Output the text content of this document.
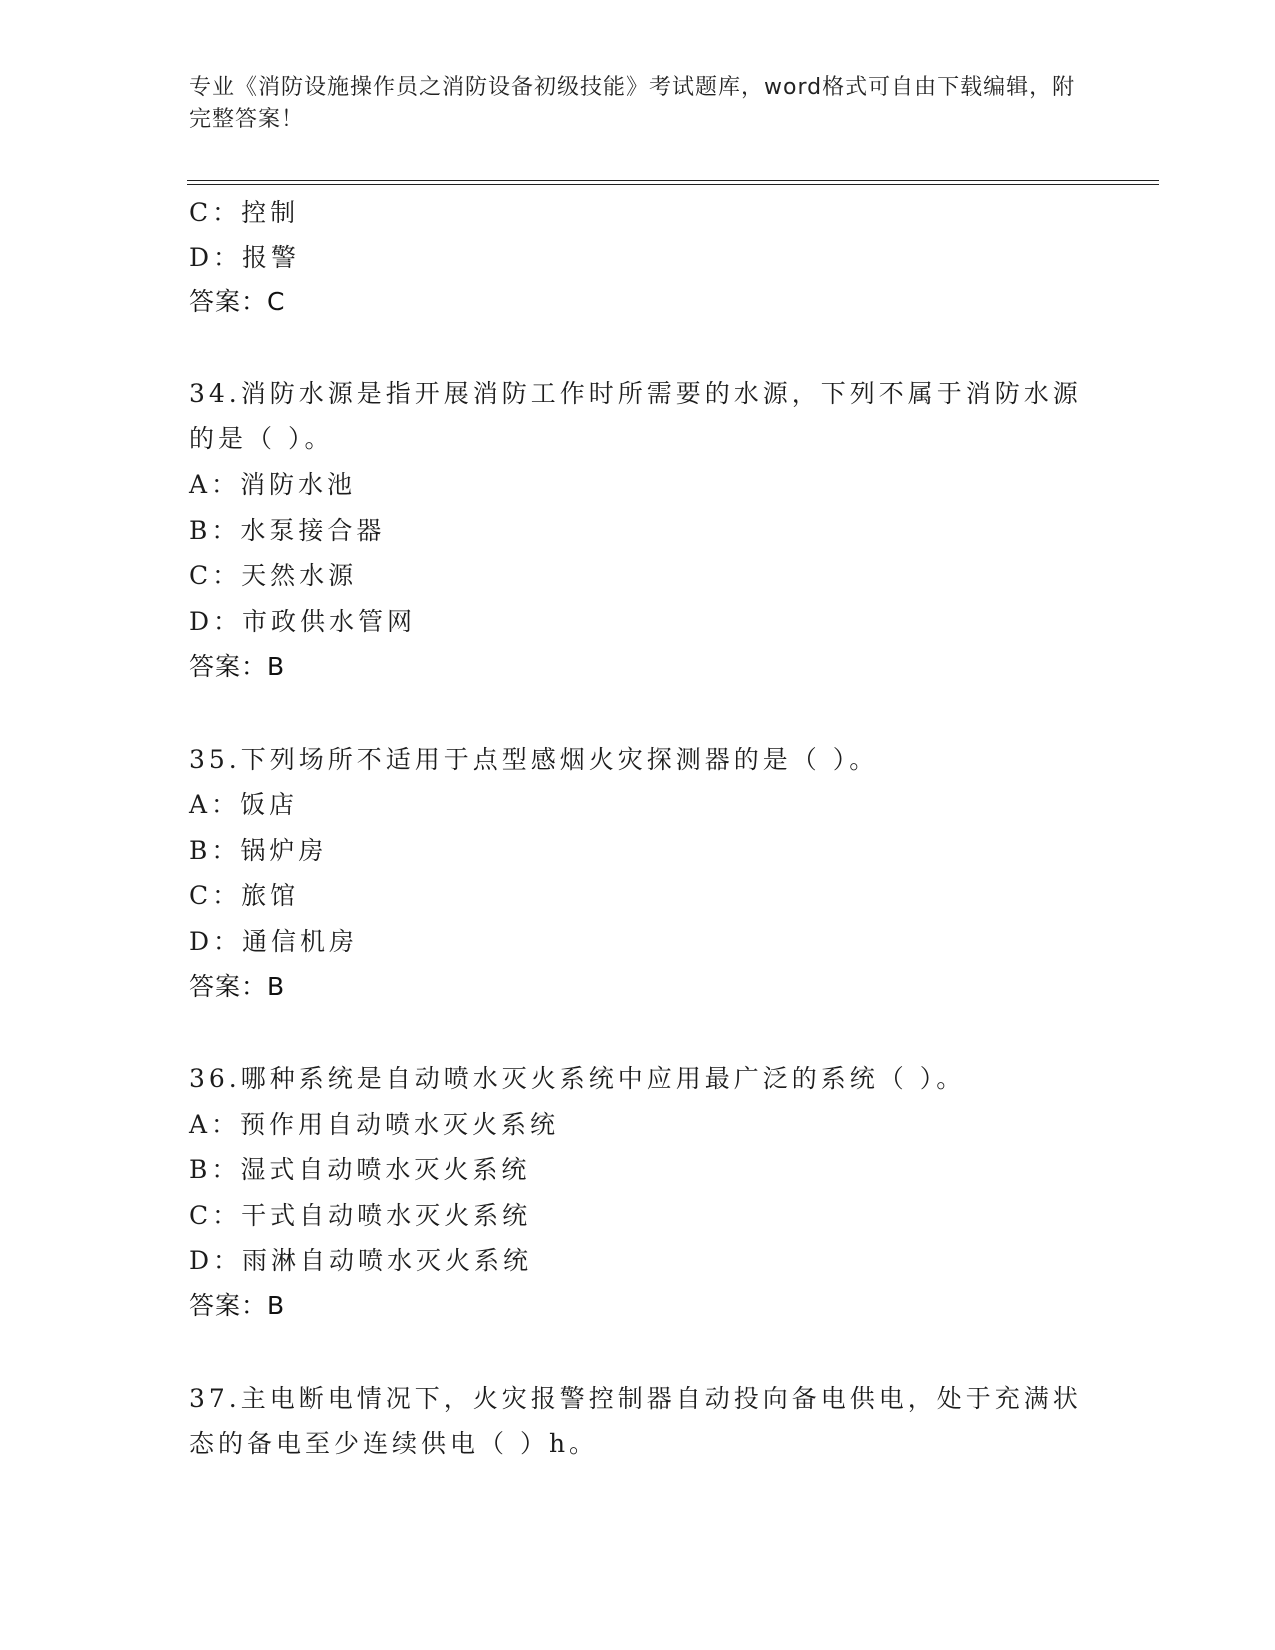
专业《消防设施操作员之消防设备初级技能》考试题库，word格式可自由下载编辑，附完整答案！
C：控制
D：报警
答案：C
34.消防水源是指开展消防工作时所需要的水源，下列不属于消防水源
的是（ ）。
A：消防水池
B：水泵接合器
C：天然水源
D：市政供水管网
答案：B
35.下列场所不适用于点型感烟火灾探测器的是（ ）。
A：饭店
B：锅炉房
C：旅馆
D：通信机房
答案：B
36.哪种系统是自动喷水灭火系统中应用最广泛的系统（ ）。
A：预作用自动喷水灭火系统
B：湿式自动喷水灭火系统
C：干式自动喷水灭火系统
D：雨淋自动喷水灭火系统
答案：B
37.主电断电情况下，火灾报警控制器自动投向备电供电，处于充满状
态的备电至少连续供电（ ）h。
